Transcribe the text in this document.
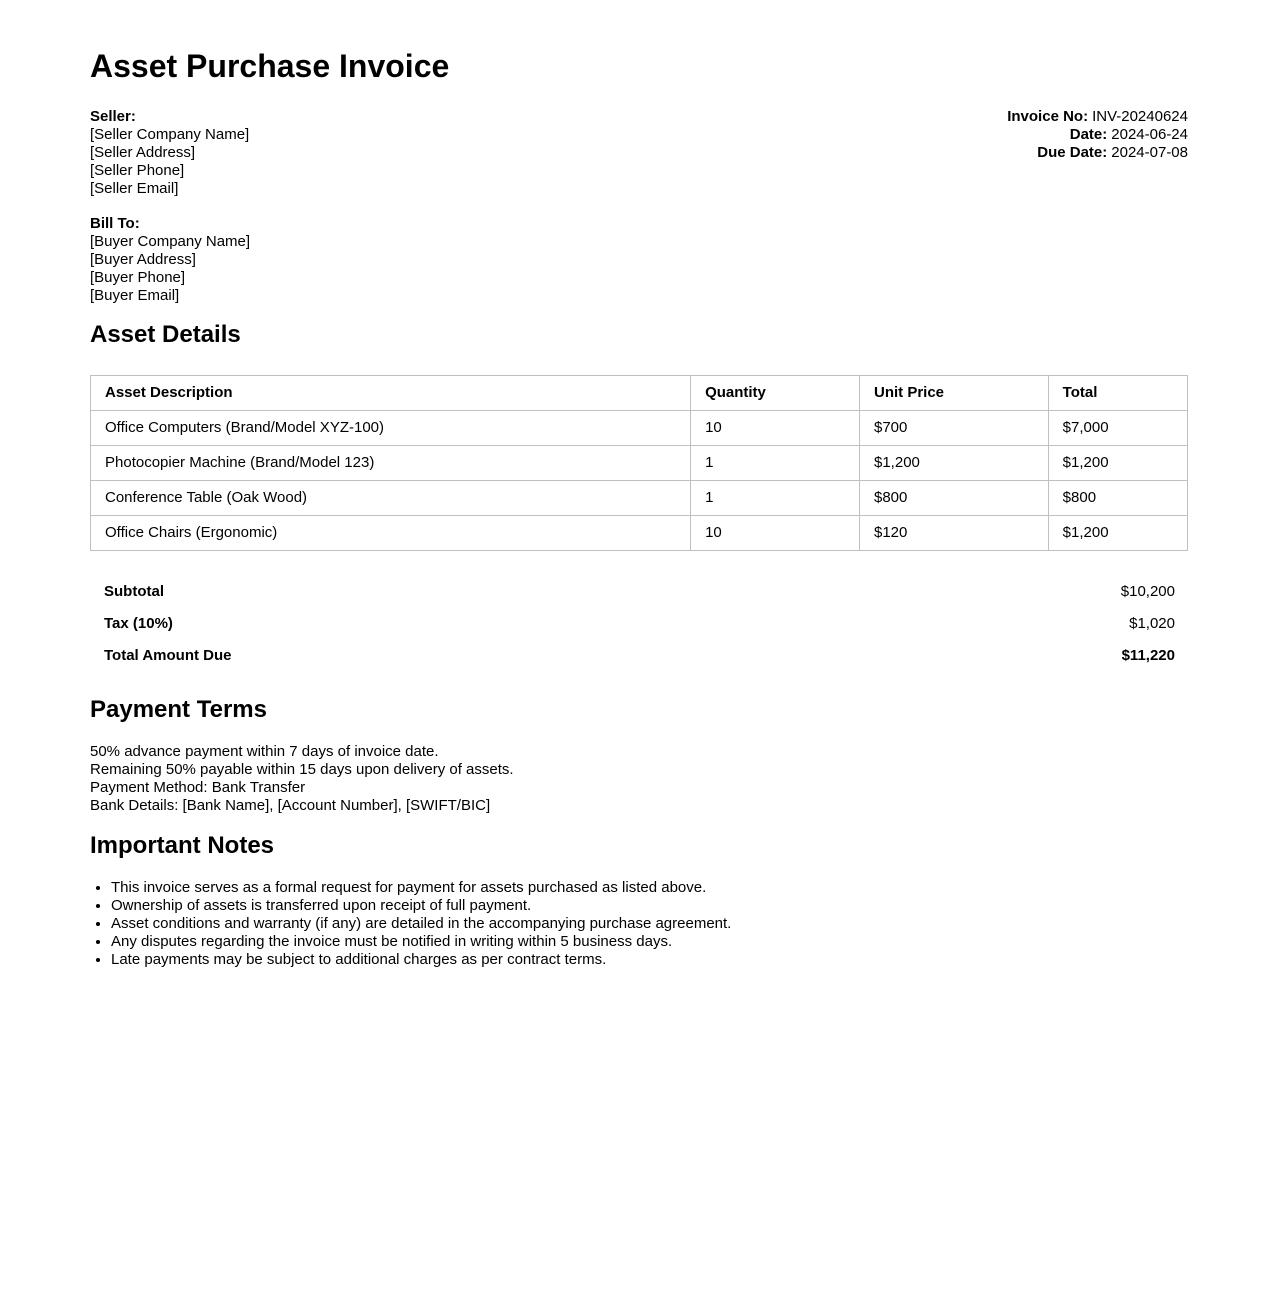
Asset Purchase Invoice
Seller:
[Seller Company Name]
[Seller Address]
[Seller Phone]
[Seller Email]
Invoice No: INV-20240624
Date: 2024-06-24
Due Date: 2024-07-08
Bill To:
[Buyer Company Name]
[Buyer Address]
[Buyer Phone]
[Buyer Email]
Asset Details
Asset Description	Quantity	Unit Price	Total
Office Computers (Brand/Model XYZ-100)	10	$700	$7,000
Photocopier Machine (Brand/Model 123)	1	$1,200	$1,200
Conference Table (Oak Wood)	1	$800	$800
Office Chairs (Ergonomic)	10	$120	$1,200
Subtotal	$10,200
Tax (10%)	$1,020
Total Amount Due	$11,220
Payment Terms
50% advance payment within 7 days of invoice date.
Remaining 50% payable within 15 days upon delivery of assets.
Payment Method: Bank Transfer
Bank Details: [Bank Name], [Account Number], [SWIFT/BIC]
Important Notes
• This invoice serves as a formal request for payment for assets purchased as listed above.
• Ownership of assets is transferred upon receipt of full payment.
• Asset conditions and warranty (if any) are detailed in the accompanying purchase agreement.
• Any disputes regarding the invoice must be notified in writing within 5 business days.
• Late payments may be subject to additional charges as per contract terms.
